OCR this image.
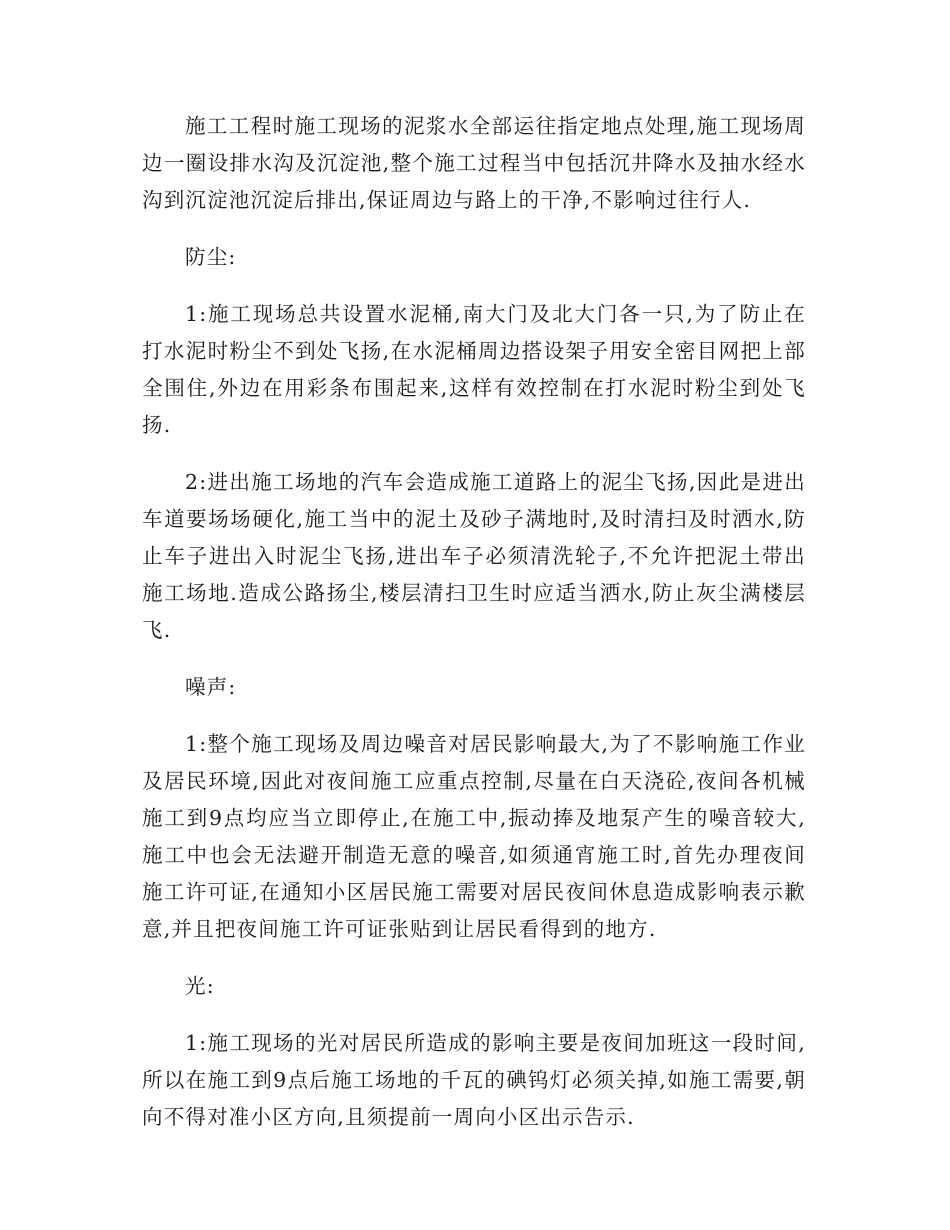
施工工程时施工现场的泥浆水全部运往指定地点处理,施工现场周边一圈设排水沟及沉淀池,整个施工过程当中包括沉井降水及抽水经水沟到沉淀池沉淀后排出,保证周边与路上的干净,不影响过往行人.

防尘:

1:施工现场总共设置水泥桶,南大门及北大门各一只,为了防止在打水泥时粉尘不到处飞扬,在水泥桶周边搭设架子用安全密目网把上部全围住,外边在用彩条布围起来,这样有效控制在打水泥时粉尘到处飞扬.

2:进出施工场地的汽车会造成施工道路上的泥尘飞扬,因此是进出车道要场场硬化,施工当中的泥土及砂子满地时,及时清扫及时洒水,防止车子进出入时泥尘飞扬,进出车子必须清洗轮子,不允许把泥土带出施工场地.造成公路扬尘,楼层清扫卫生时应适当洒水,防止灰尘满楼层飞.

噪声:

1:整个施工现场及周边噪音对居民影响最大,为了不影响施工作业及居民环境,因此对夜间施工应重点控制,尽量在白天浇砼,夜间各机械施工到9点均应当立即停止,在施工中,振动捧及地泵产生的噪音较大,施工中也会无法避开制造无意的噪音,如须通宵施工时,首先办理夜间施工许可证,在通知小区居民施工需要对居民夜间休息造成影响表示歉意,并且把夜间施工许可证张贴到让居民看得到的地方.

光:

1:施工现场的光对居民所造成的影响主要是夜间加班这一段时间,所以在施工到9点后施工场地的千瓦的碘钨灯必须关掉,如施工需要,朝向不得对准小区方向,且须提前一周向小区出示告示.
